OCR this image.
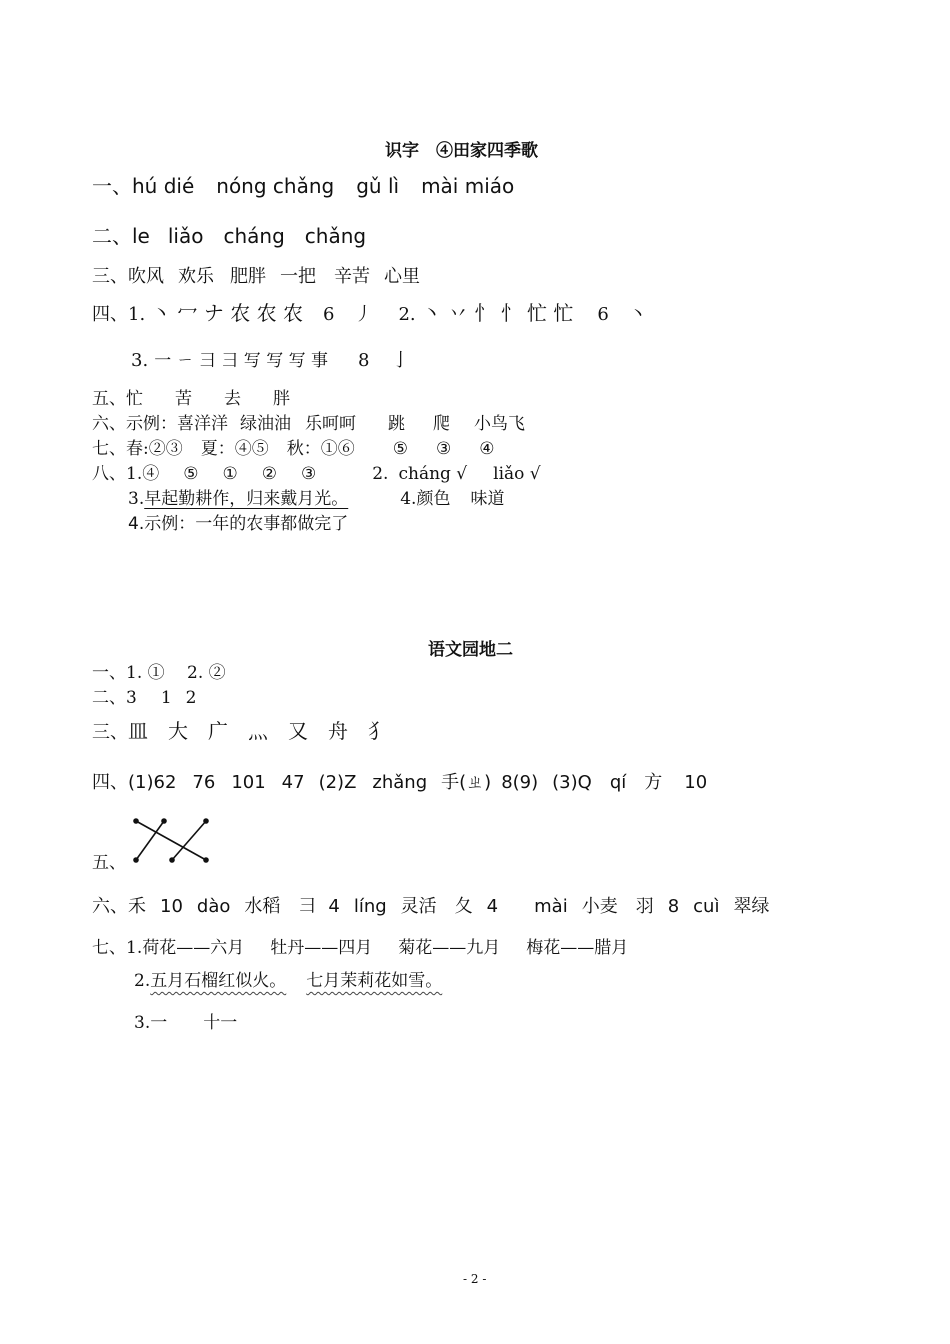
识字　④田家四季歌
一、hú dié nóng chǎng gǔ lì mài miáo
二、le liǎo cháng chǎng
三、吹风 欢乐 肥胖 一把 辛苦 心里
四、1. 丶 冖 ナ 农 农 农 6 丿 2. 丶 丷 忄 忄 忙 忙 6 丶
3. 一 ㄧ 彐 彐 写 写 写 事 8 亅
五、忙 苦 去 胖
六、示例：喜洋洋 绿油油 乐呵呵 跳 爬 小鸟飞
七、春:②③ 夏：④⑤ 秋：①⑥ ⑤ ③ ④
八、1.④ ⑤ ① ② ③	2. cháng √ liǎo √
3.早起勤耕作，归来戴月光。	4.颜色 味道
4.示例：一年的农事都做完了
语文园地二
一、1. ①　 2. ②
二、3 1 2
三、皿 大 广 灬 又 舟 犭
四、(1)62 76 101 47 (2)Z zhǎng 手(ㄓ) 8(9) (3)Q qí 方 10
五、
六、禾 10 dào 水稻 彐 4 líng 灵活 夂 4 mài 小麦 羽 8 cuì 翠绿
七、1.荷花——六月 牡丹——四月 菊花——九月 梅花——腊月
2.五月石榴红似火。 七月茉莉花如雪。
3.一 十一
- 2 -
